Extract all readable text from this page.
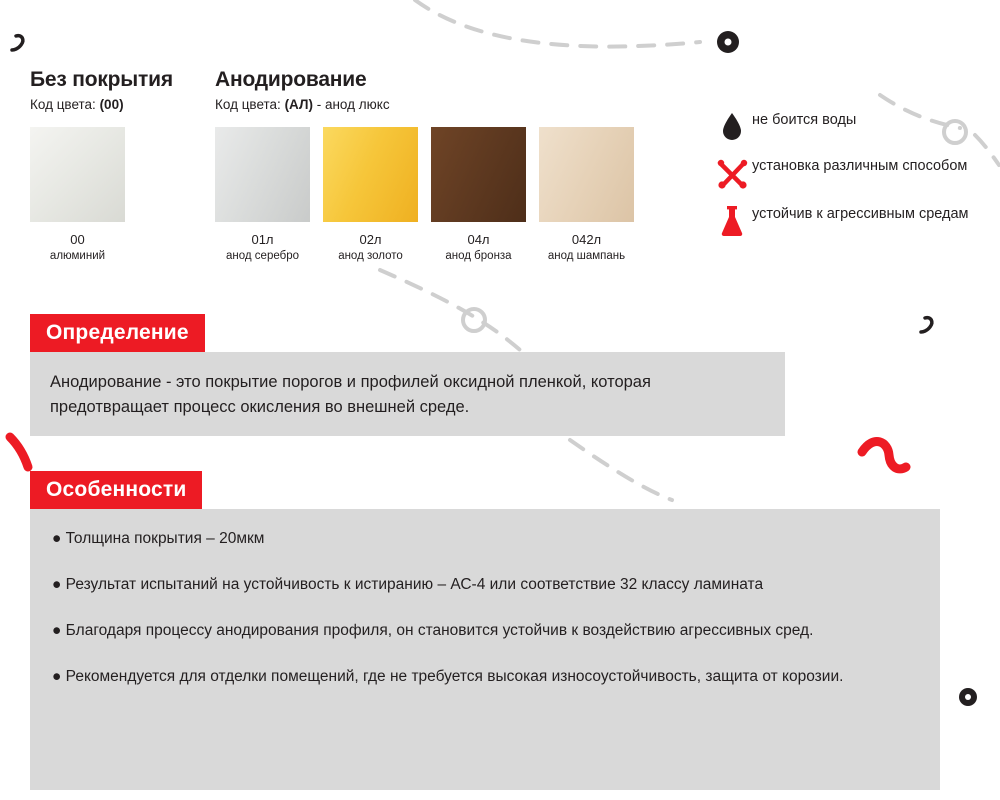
Без покрытия
Код цвета: (00)
00
алюминий
Анодирование
Код цвета: (АЛ) - анод люкс
01л
анод серебро
02л
анод золото
04л
анод бронза
042л
анод шампань
не боится воды
установка различным способом
устойчив к агрессивным средам
Определение
Анодирование - это покрытие порогов и профилей оксидной пленкой, которая предотвращает процесс окисления во внешней среде.
Особенности
● Толщина покрытия – 20мкм
● Результат испытаний на устойчивость к истиранию – АС-4 или соответствие 32 классу ламината
● Благодаря процессу анодирования профиля, он становится устойчив к воздействию агрессивных сред.
● Рекомендуется для отделки помещений, где не требуется высокая износоустойчивость, защита от корозии.
